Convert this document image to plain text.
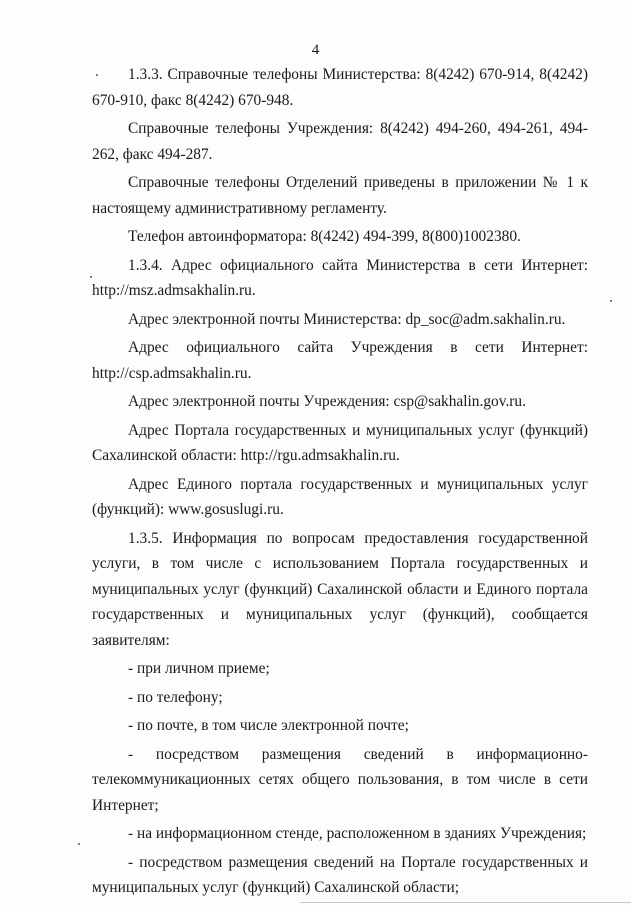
4

1.3.3. Справочные телефоны Министерства: 8(4242) 670-914, 8(4242) 670-910, факс 8(4242) 670-948.

Справочные телефоны Учреждения: 8(4242) 494-260, 494-261, 494-262, факс 494-287.

Справочные телефоны Отделений приведены в приложении № 1 к настоящему административному регламенту.

Телефон автоинформатора: 8(4242) 494-399, 8(800)1002380.

1.3.4. Адрес официального сайта Министерства в сети Интернет: http://msz.admsakhalin.ru.

Адрес электронной почты Министерства: dp_soc@adm.sakhalin.ru.

Адрес официального сайта Учреждения в сети Интернет: http://csp.admsakhalin.ru.

Адрес электронной почты Учреждения: csp@sakhalin.gov.ru.

Адрес Портала государственных и муниципальных услуг (функций) Сахалинской области: http://rgu.admsakhalin.ru.

Адрес Единого портала государственных и муниципальных услуг (функций): www.gosuslugi.ru.

1.3.5. Информация по вопросам предоставления государственной услуги, в том числе с использованием Портала государственных и муниципальных услуг (функций) Сахалинской области и Единого портала государственных и муниципальных услуг (функций), сообщается заявителям:

- при личном приеме;

- по телефону;

- по почте, в том числе электронной почте;

- посредством размещения сведений в информационно-телекоммуникационных сетях общего пользования, в том числе в сети Интернет;

- на информационном стенде, расположенном в зданиях Учреждения;

- посредством размещения сведений на Портале государственных и муниципальных услуг (функций) Сахалинской области;
